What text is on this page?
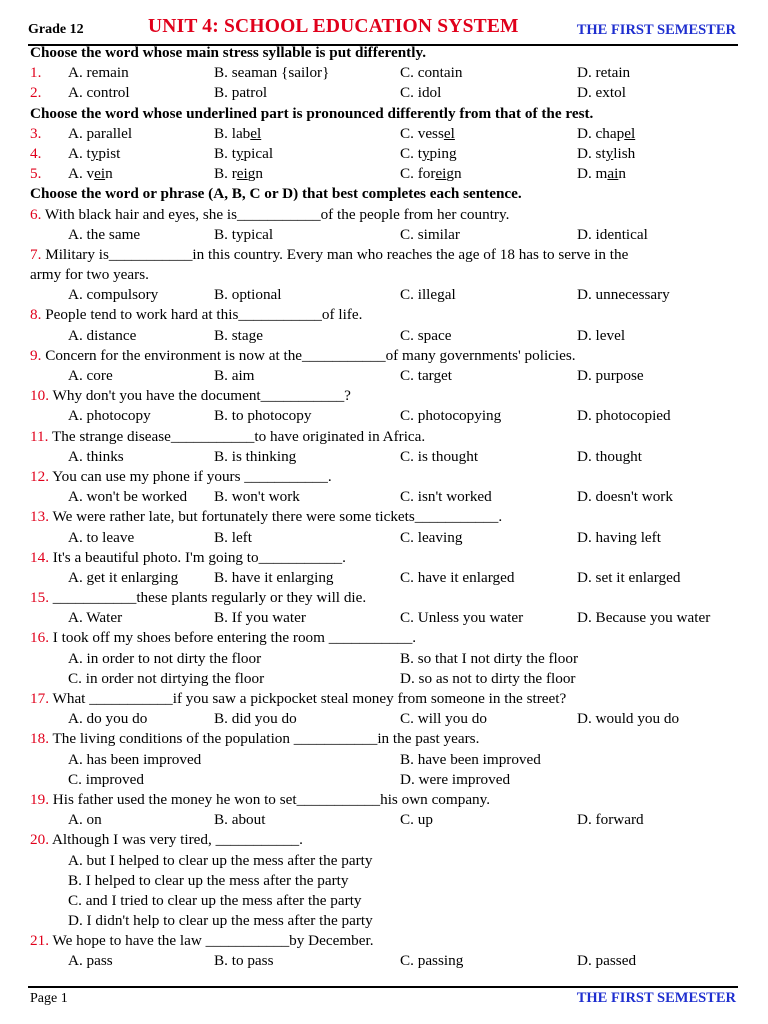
Grade 12	UNIT 4: SCHOOL EDUCATION SYSTEM	THE FIRST SEMESTER
Choose the word whose main stress syllable is put differently.
1. A. remain	B. seaman {sailor}	C. contain	D. retain
2. A. control	B. patrol	C. idol	D. extol
Choose the word whose underlined part is pronounced differently from that of the rest.
3. A. parallel	B. label	C. vessel	D. chapel
4. A. typist	B. typical	C. typing	D. stylish
5. A. vein	B. reign	C. foreign	D. main
Choose the word or phrase (A, B, C or D) that best completes each sentence.
6. With black hair and eyes, she is___________of the people from her country.
A. the same	B. typical	C. similar	D. identical
7. Military is___________in this country. Every man who reaches the age of 18 has to serve in the
army for two years.
A. compulsory	B. optional	C. illegal	D. unnecessary
8. People tend to work hard at this___________of life.
A. distance	B. stage	C. space	D. level
9. Concern for the environment is now at the___________of many governments' policies.
A. core	B. aim	C. target	D. purpose
10. Why don't you have the document___________?
A. photocopy	B. to photocopy	C. photocopying	D. photocopied
11. The strange disease___________to have originated in Africa.
A. thinks	B. is thinking	C. is thought	D. thought
12. You can use my phone if yours ___________.
A. won't be worked B. won't work	C. isn't worked	D. doesn't work
13. We were rather late, but fortunately there were some tickets___________.
A. to leave	B. left	C. leaving	D. having left
14. It's a beautiful photo. I'm going to___________.
A. get it enlarging B. have it enlarging	C. have it enlarged	D. set it enlarged
15. ___________these plants regularly or they will die.
A. Water	B. If you water	C. Unless you water	D. Because you water
16. I took off my shoes before entering the room ___________.
A. in order to not dirty the floor	B. so that I not dirty the floor
C. in order not dirtying the floor	D. so as not to dirty the floor
17. What ___________if you saw a pickpocket steal money from someone in the street?
A. do you do	B. did you do	C. will you do	D. would you do
18. The living conditions of the population ___________in the past years.
A. has been improved	B. have been improved
C. improved	D. were improved
19. His father used the money he won to set___________his own company.
A. on	B. about	C. up	D. forward
20. Although I was very tired, ___________.
A. but I helped to clear up the mess after the party
B. I helped to clear up the mess after the party
C. and I tried to clear up the mess after the party
D. I didn't help to clear up the mess after the party
21. We hope to have the law ___________by December.
A. pass	B. to pass	C. passing	D. passed
Page 1	THE FIRST SEMESTER
